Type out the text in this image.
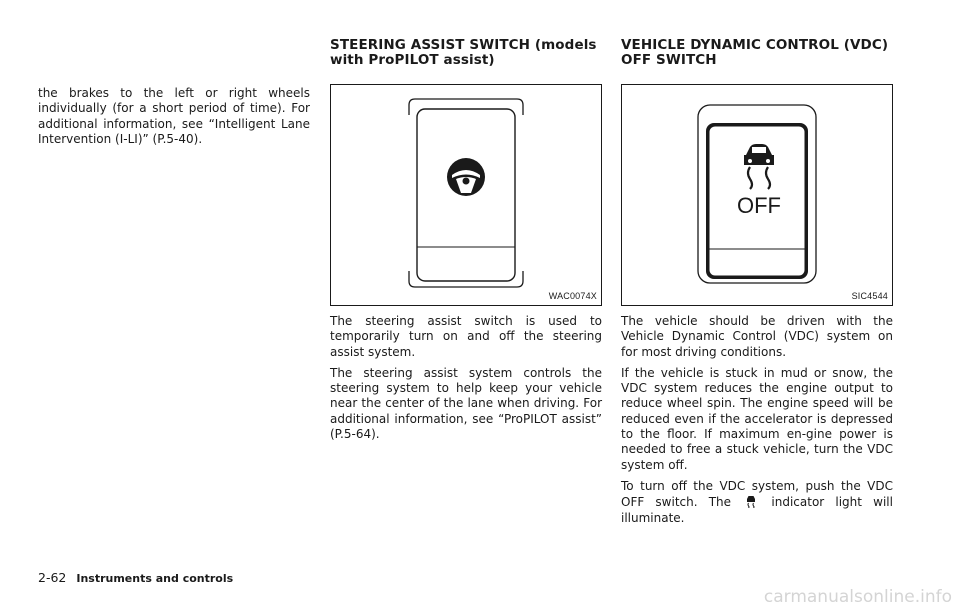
the brakes to the left or right wheels individually (for a short period of time). For additional information, see “Intelligent Lane Intervention (I-LI)” (P.5-40).

STEERING ASSIST SWITCH (models
with ProPILOT assist)
WAC0074X

The steering assist switch is used to temporarily turn on and off the steering assist system.

The steering assist system controls the steering system to help keep your vehicle near the center of the lane when driving. For additional information, see “ProPILOT assist” (P.5-64).

VEHICLE DYNAMIC CONTROL (VDC)
OFF SWITCH
OFF
SIC4544

The vehicle should be driven with the Vehicle Dynamic Control (VDC) system on for most driving conditions.

If the vehicle is stuck in mud or snow, the VDC system reduces the engine output to reduce wheel spin. The engine speed will be reduced even if the accelerator is depressed to the floor. If maximum en-gine power is needed to free a stuck vehicle, turn the VDC system off.

To turn off the VDC system, push the VDC OFF switch. The	indicator light will illuminate.

2-62 Instruments and controls
carmanualsonline.info
